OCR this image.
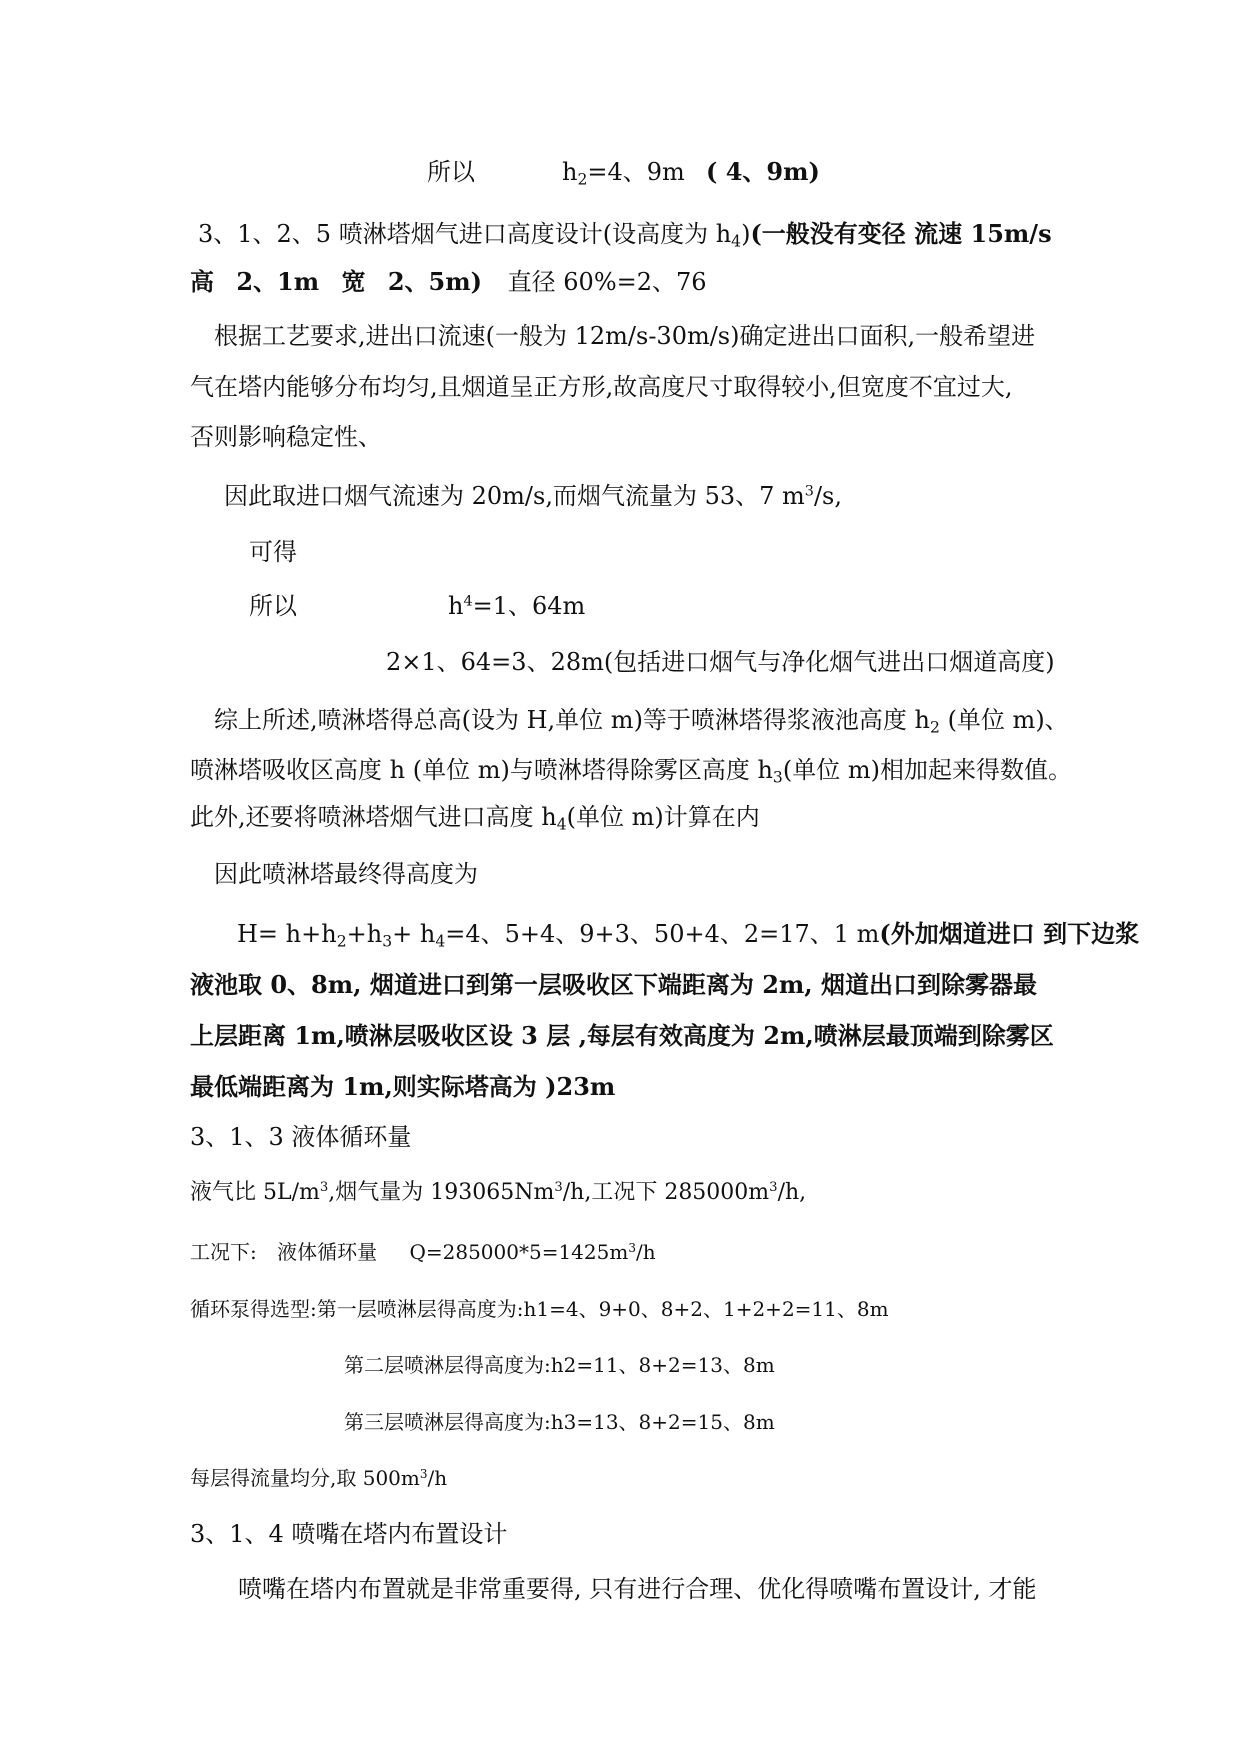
所以	$h_2=4$、9m ( 4、9m)
3、1、2、5 喷淋塔烟气进口高度设计(设高度为 $h_4$)(一般没有变径 流速 15m/s
高 2、1m 宽 2、5m) 直径 60%=2、76
根据工艺要求,进出口流速(一般为 12m/s-30m/s)确定进出口面积,一般希望进
气在塔内能够分布均匀,且烟道呈正方形,故高度尺寸取得较小,但宽度不宜过大,
否则影响稳定性、
因此取进口烟气流速为 20m/s,而烟气流量为 53、7 $m^3/s$,
可得
所以	$h^4=1$、64m
2×1、64=3、28m(包括进口烟气与净化烟气进出口烟道高度)
综上所述,喷淋塔得总高(设为 H,单位 m)等于喷淋塔得浆液池高度 $h_2$ (单位 m)、
喷淋塔吸收区高度 h (单位 m)与喷淋塔得除雾区高度 $h_3$(单位 m)相加起来得数值。
此外,还要将喷淋塔烟气进口高度 $h_4$(单位 m)计算在内
因此喷淋塔最终得高度为
$H= h+h_2+h_3+ h_4=4$、5+4、9+3、50+4、2=17、1 m(外加烟道进口 到下边浆
液池取 0、8m, 烟道进口到第一层吸收区下端距离为 2m, 烟道出口到除雾器最
上层距离 1m,喷淋层吸收区设 3 层 ,每层有效高度为 2m,喷淋层最顶端到除雾区
最低端距离为 1m,则实际塔高为 )23m
3、1、3 液体循环量
液气比 $5L/m^3$,烟气量为 193065Nm$^3$/h,工况下 $285000m^3/h$,
工况下: 液体循环量 $Q=285000*5=1425m^3/h$
循环泵得选型:第一层喷淋层得高度为:h1=4、9+0、8+2、1+2+2=11、8m
第二层喷淋层得高度为:h2=11、8+2=13、8m
第三层喷淋层得高度为:h3=13、8+2=15、8m
每层得流量均分,取 $500m^3/h$
3、1、4 喷嘴在塔内布置设计
喷嘴在塔内布置就是非常重要得, 只有进行合理、优化得喷嘴布置设计, 才能
